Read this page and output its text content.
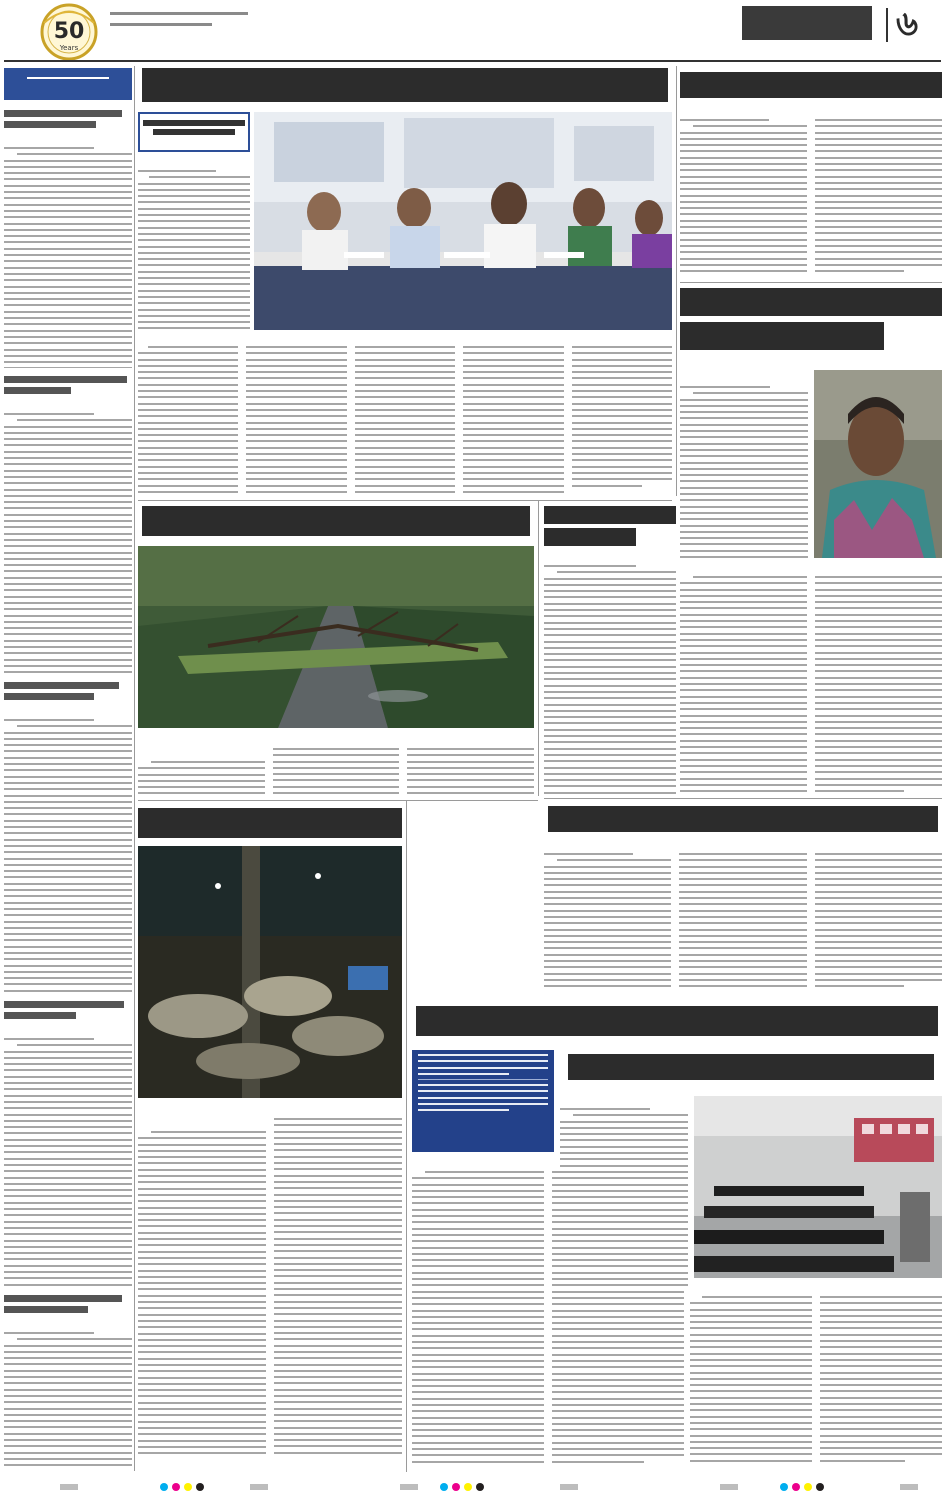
50
Years
৬
